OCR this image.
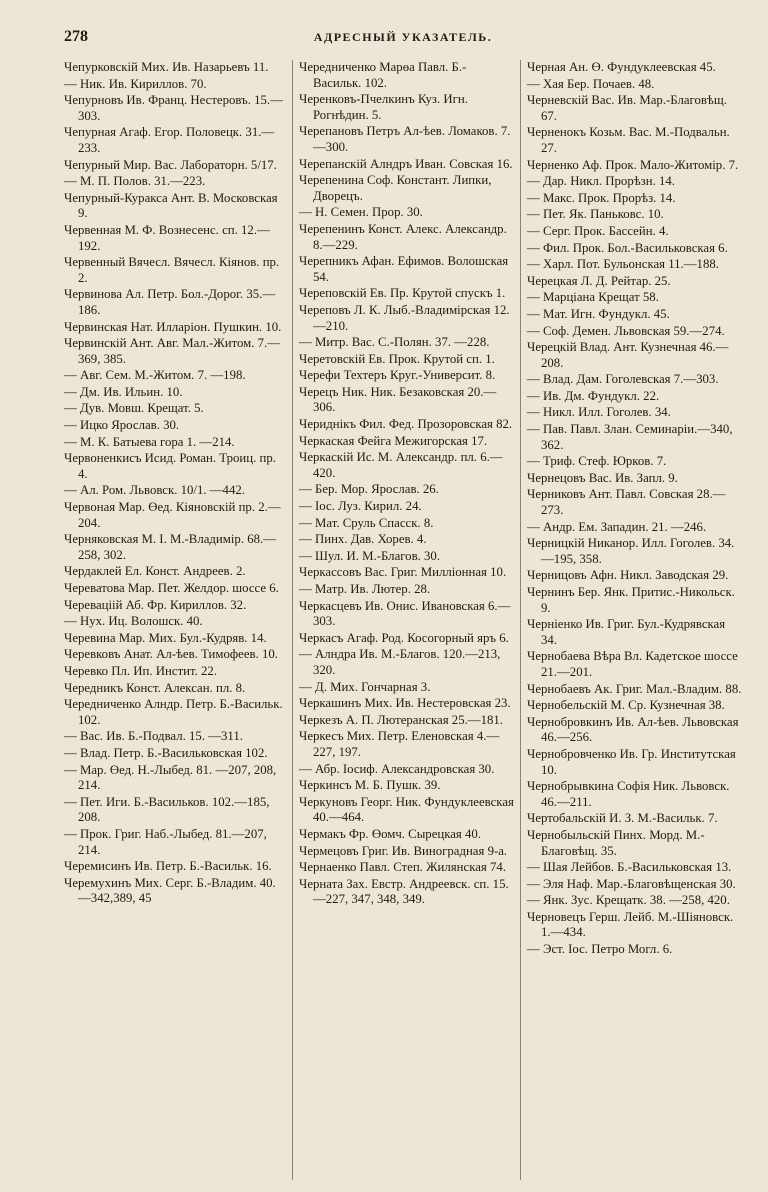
278	АДРЕСНЫЙ УКАЗАТЕЛЬ.
Чепурковскій Мих. Ив. Назарьевъ 11.
— Ник. Ив. Кириллов. 70.
Чепурновъ Ив. Франц. Нестеровъ. 15.—303.
Чепурная Агаф. Егор. Половецк. 31.—233.
Чепурный Мир. Вас. Лабораторн. 5/17.
— М. П. Полов. 31.—223.
Чепурный-Куракса Ант. В. Московская 9.
Червенная М. Ф. Вознесенс. сп. 12.—192.
Червенный Вячесл. Вячесл. Кіянов. пр. 2.
Червинова Ал. Петр. Бол.-Дорог. 35.—186.
Червинская Нат. Илларіон. Пушкин. 10.
Червинскій Ант. Авг. Мал.-Житом. 7.—369, 385.
— Авг. Сем. М.-Житом. 7. —198.
— Дм. Ив. Ильин. 10.
— Дув. Мовш. Крещат. 5.
— Ицко Ярослав. 30.
— М. К. Батыева гора 1. —214.
Червоненкисъ Исид. Роман. Троиц. пр. 4.
— Ал. Ром. Львовск. 10/1. —442.
Червоная Мар. Өед. Кіяновскій пр. 2.—204.
Черняковская М. І. М.-Владимір. 68.—258, 302.
Чердаклей Ел. Конст. Андреев. 2.
Череватова Мар. Пет. Желдор. шоссе 6.
Череваціій Аб. Фр. Кириллов. 32.
— Нух. Иц. Волошск. 40.
Черевина Мар. Мих. Бул.-Кудряв. 14.
Черевковъ Анат. Ал-ѣев. Тимофеев. 10.
Черевко Пл. Ип. Инстит. 22.
Чередникъ Конст. Алексан. пл. 8.
Чередниченко Алндр. Петр. Б.-Васильк. 102.
— Вас. Ив. Б.-Подвал. 15. —311.
— Влад. Петр. Б.-Васильковская 102.
— Мар. Өед. Н.-Лыбед. 81. —207, 208, 214.
— Пет. Иги. Б.-Васильков. 102.—185, 208.
— Прок. Григ. Наб.-Лыбед. 81.—207, 214.
Черемисинъ Ив. Петр. Б.-Васильк. 16.
Черемухинъ Мих. Серг. Б.-Владим. 40.—342,389, 45
Чередниченко Марөа Павл. Б.-Васильк. 102.
Черенковъ-Пчелкинъ Куз. Игн. Рогнѣдин. 5.
Черепановъ Петръ Ал-ѣев. Ломаков. 7.—300.
Черепанскій Алндръ Иван. Совская 16.
Черепенина Соф. Констант. Липки, Дворецъ.
— Н. Семен. Прор. 30.
Черепенинъ Конст. Алекс. Александр. 8.—229.
Черепникъ Афан. Ефимов. Волошская 54.
Череповскій Ев. Пр. Крутой спускъ 1.
Череповъ Л. К. Лыб.-Владимірская 12.—210.
— Митр. Вас. С.-Полян. 37. —228.
Черетовскій Ев. Прок. Крутой сп. 1.
Черефи Техтеръ Круг.-Университ. 8.
Черецъ Ник. Ник. Безаковская 20.—306.
Чериднікъ Фил. Фед. Прозоровская 82.
Черкаская Фейга Межигорская 17.
Черкаскій Ис. М. Александр. пл. 6.—420.
— Бер. Мор. Ярослав. 26.
— Іос. Луз. Кирил. 24.
— Мат. Сруль Спасск. 8.
— Пинх. Дав. Хорев. 4.
— Шул. И. М.-Благов. 30.
Черкассовъ Вас. Григ. Милліонная 10.
— Матр. Ив. Лютер. 28.
Черкасцевъ Ив. Онис. Ивановская 6.—303.
Черкасъ Агаф. Род. Косогорный яръ 6.
— Алндра Ив. М.-Благов. 120.—213, 320.
— Д. Мих. Гончарная 3.
Черкашинъ Мих. Ив. Нестеровская 23.
Черкезъ А. П. Лютеранская 25.—181.
Черкесъ Мих. Петр. Еленовская 4.—227, 197.
— Абр. Іосиф. Александровская 30.
Черкинсъ М. Б. Пушк. 39.
Черкуновъ Георг. Ник. Фундуклеевская 40.—464.
Чермакъ Фр. Өомч. Сырецкая 40.
Чермецовъ Григ. Ив. Виноградная 9-а.
Чернаенко Павл. Степ. Жилянская 74.
Черната Зах. Евстр. Андреевск. сп. 15.—227, 347, 348, 349.
Черная Ан. Ө. Фундуклеевская 45.
— Хая Бер. Почаев. 48.
Черневскій Вас. Ив. Мар.-Благовѣщ. 67.
Черненокъ Козьм. Вас. М.-Подвальн. 27.
Черненко Аф. Прок. Мало-Житомір. 7.
— Дар. Никл. Прорѣзн. 14.
— Макс. Прок. Прорѣз. 14.
— Пет. Як. Паньковс. 10.
— Серг. Прок. Бассейн. 4.
— Фил. Прок. Бол.-Васильковская 6.
— Харл. Пот. Бульонская 11.—188.
Черецкая Л. Д. Рейтар. 25.
— Марціана Крещат 58.
— Мат. Игн. Фундукл. 45.
— Соф. Демен. Львовская 59.—274.
Черецкій Влад. Ант. Кузнечная 46.—208.
— Влад. Дам. Гоголевская 7.—303.
— Ив. Дм. Фундукл. 22.
— Никл. Илл. Гоголев. 34.
— Пав. Павл. Злан. Семинаріи.—340, 362.
— Триф. Стеф. Юрков. 7.
Чернецовъ Вас. Ив. Запл. 9.
Черниковъ Ант. Павл. Совская 28.—273.
— Андр. Ем. Западин. 21. —246.
Черницкій Никанор. Илл. Гоголев. 34.—195, 358.
Черницовъ Афн. Никл. Заводская 29.
Чернинъ Бер. Янк. Притис.-Никольск. 9.
Черніенко Ив. Григ. Бул.-Кудрявская 34.
Чернобаева Вѣра Вл. Кадетское шоссе 21.—201.
Чернобаевъ Ак. Григ. Мал.-Владим. 88.
Чернобельскій М. Ср. Кузнечная 38.
Чернобровкинъ Ив. Ал-ѣев. Львовская 46.—256.
Чернобровченко Ив. Гр. Институтская 10.
Чернобрывкина Софія Ник. Львовск. 46.—211.
Чертобальскій И. З. М.-Васильк. 7.
Чернобыльскій Пинх. Морд. М.-Благовѣщ. 35.
— Шая Лейбов. Б.-Васильковская 13.
— Эля Наф. Мар.-Благовѣщенская 30.
— Янк. Зус. Крещатк. 38. —258, 420.
Черновецъ Герш. Лейб. М.-Шіяновск. 1.—434.
— Эст. Іос. Петро Могл. 6.
